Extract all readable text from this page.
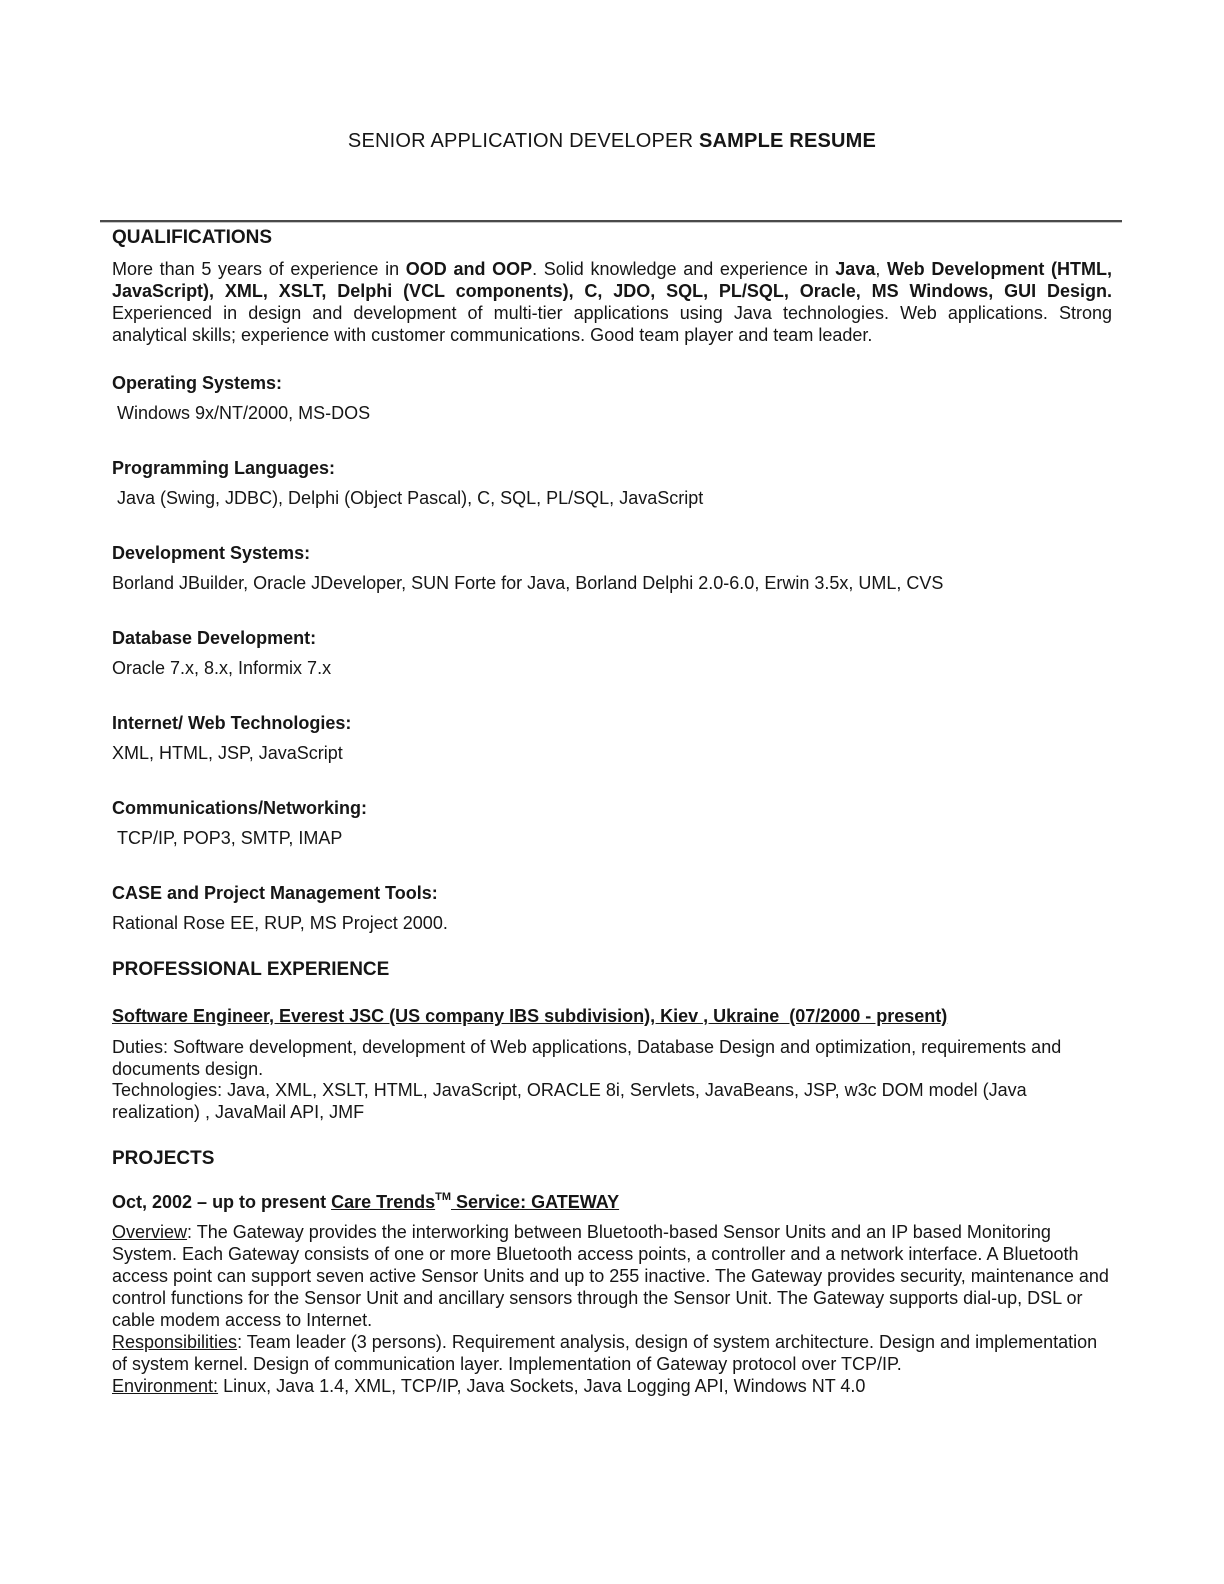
SENIOR APPLICATION DEVELOPER SAMPLE RESUME
QUALIFICATIONS

More than 5 years of experience in OOD and OOP. Solid knowledge and experience in Java, Web Development (HTML, JavaScript), XML, XSLT, Delphi (VCL components), C, JDO, SQL, PL/SQL, Oracle, MS Windows, GUI Design. Experienced in design and development of multi-tier applications using Java technologies. Web applications. Strong analytical skills; experience with customer communications. Good team player and team leader.

Operating Systems:
Windows 9x/NT/2000, MS-DOS
Programming Languages:
Java (Swing, JDBC), Delphi (Object Pascal), C, SQL, PL/SQL, JavaScript
Development Systems:
Borland JBuilder, Oracle JDeveloper, SUN Forte for Java, Borland Delphi 2.0-6.0, Erwin 3.5x, UML, CVS
Database Development:
Oracle 7.x, 8.x, Informix 7.x
Internet/ Web Technologies:
XML, HTML, JSP, JavaScript
Communications/Networking:
TCP/IP, POP3, SMTP, IMAP
CASE and Project Management Tools:
Rational Rose EE, RUP, MS Project 2000.
PROFESSIONAL EXPERIENCE
Software Engineer, Everest JSC (US company IBS subdivision), Kiev , Ukraine  (07/2000 - present)
Duties: Software development, development of Web applications, Database Design and optimization, requirements and documents design.
Technologies: Java, XML, XSLT, HTML, JavaScript, ORACLE 8i, Servlets, JavaBeans, JSP, w3c DOM model (Java realization) , JavaMail API, JMF
PROJECTS
Oct, 2002 – up to present Care Trends™ Service: GATEWAY
Overview: The Gateway provides the interworking between Bluetooth-based Sensor Units and an IP based Monitoring System. Each Gateway consists of one or more Bluetooth access points, a controller and a network interface. A Bluetooth access point can support seven active Sensor Units and up to 255 inactive. The Gateway provides security, maintenance and control functions for the Sensor Unit and ancillary sensors through the Sensor Unit. The Gateway supports dial-up, DSL or cable modem access to Internet.
Responsibilities: Team leader (3 persons). Requirement analysis, design of system architecture. Design and implementation of system kernel. Design of communication layer. Implementation of Gateway protocol over TCP/IP.
Environment: Linux, Java 1.4, XML, TCP/IP, Java Sockets, Java Logging API, Windows NT 4.0
